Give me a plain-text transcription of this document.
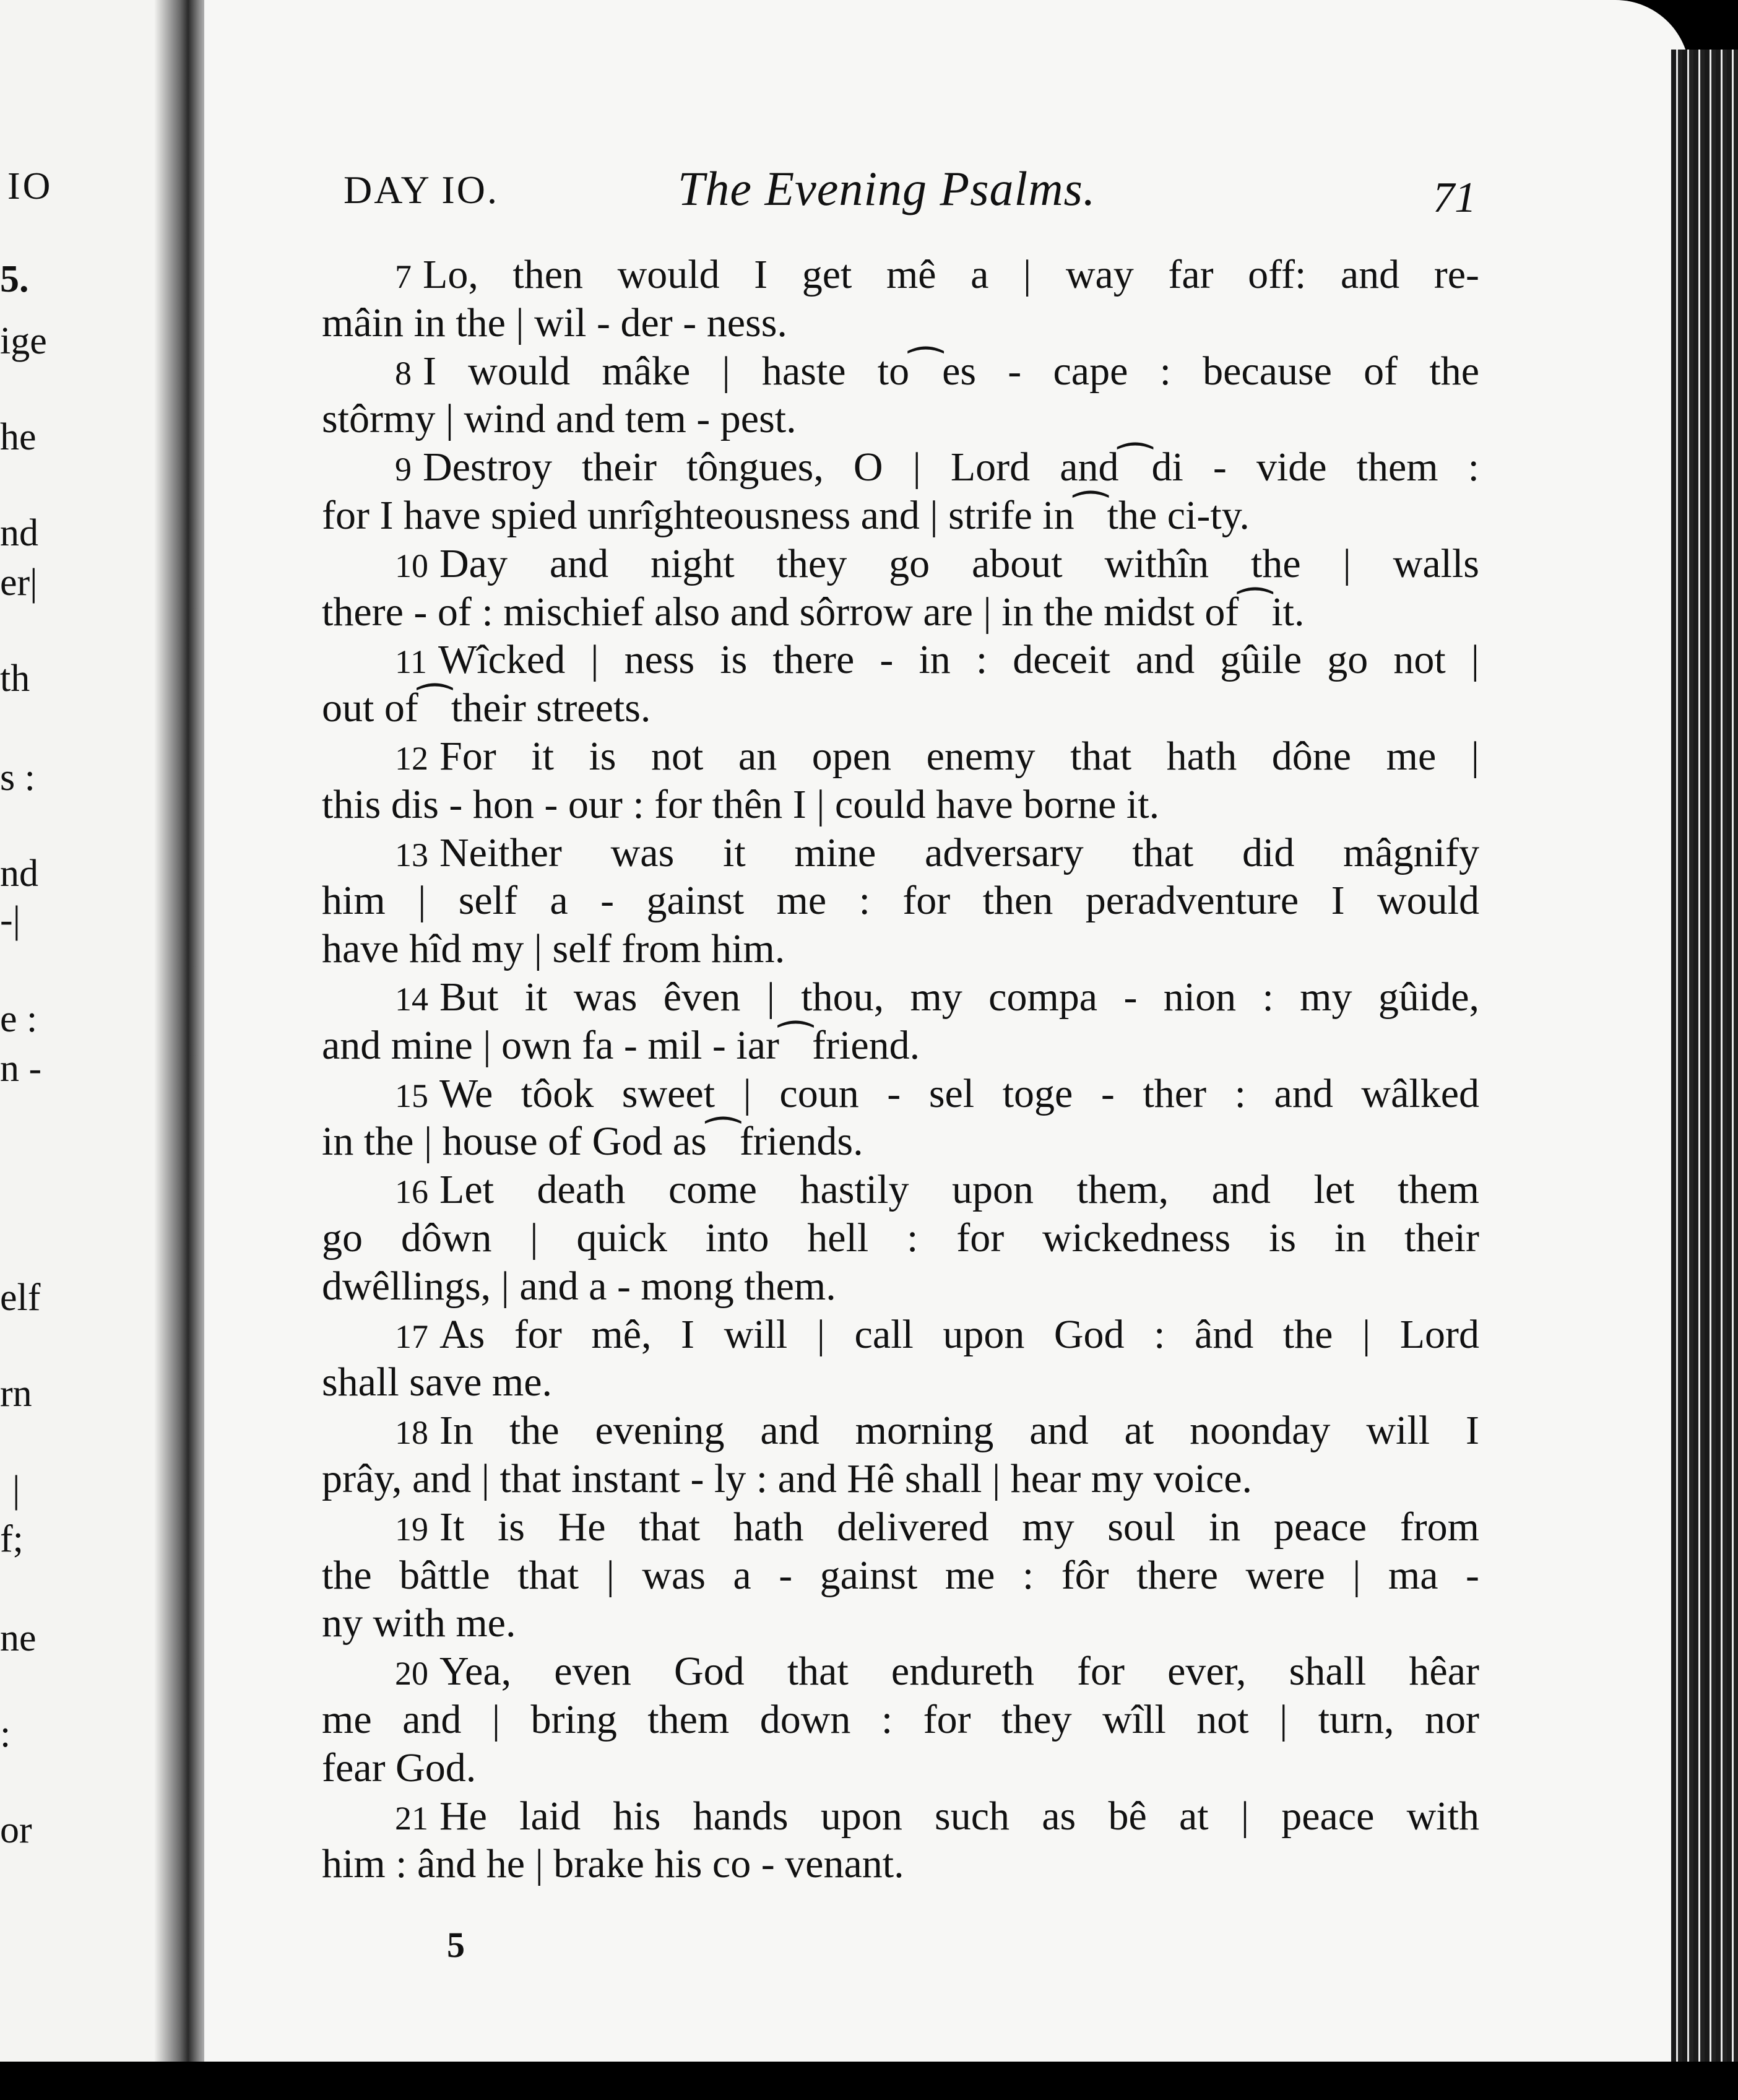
IO
5.
ige
he
nd
er|
th
s :
nd
-|
e :
n -
elf
rn
|
f;
ne
:
or
DAY IO.	The Evening Psalms.	71
7 Lo, then would I get mê a | way far off: and re-
mâin in the | wil - der - ness.
8 I would mâke | haste to⁀es - cape : because of the
stôrmy | wind and tem - pest.
9 Destroy their tôngues, O | Lord and⁀di - vide them :
for I have spied unrîghteousness and | strife in⁀the ci-ty.
10 Day and night they go about withîn the | walls
there - of : mischief also and sôrrow are | in the midst of⁀it.
11 Wîcked | ness is there - in : deceit and gûile go not |
out of⁀their streets.
12 For it is not an open enemy that hath dône me |
this dis - hon - our : for thên I | could have borne it.
13 Neither was it mine adversary that did mâgnify
him | self a - gainst me : for then peradventure I would
have hîd my | self from him.
14 But it was êven | thou, my compa - nion : my gûide,
and mine | own fa - mil - iar⁀friend.
15 We tôok sweet | coun - sel toge - ther : and wâlked
in the | house of God as⁀friends.
16 Let death come hastily upon them, and let them
go dôwn | quick into hell : for wickedness is in their
dwêllings, | and a - mong them.
17 As for mê, I will | call upon God : ând the | Lord
shall save me.
18 In the evening and morning and at noonday will I
prây, and | that instant - ly : and Hê shall | hear my voice.
19 It is He that hath delivered my soul in peace from
the bâttle that | was a - gainst me : fôr there were | ma -
ny with me.
20 Yea, even God that endureth for ever, shall hêar
me and | bring them down : for they wîll not | turn, nor
fear God.
21 He laid his hands upon such as bê at | peace with
him : ând he | brake his co - venant.
5
